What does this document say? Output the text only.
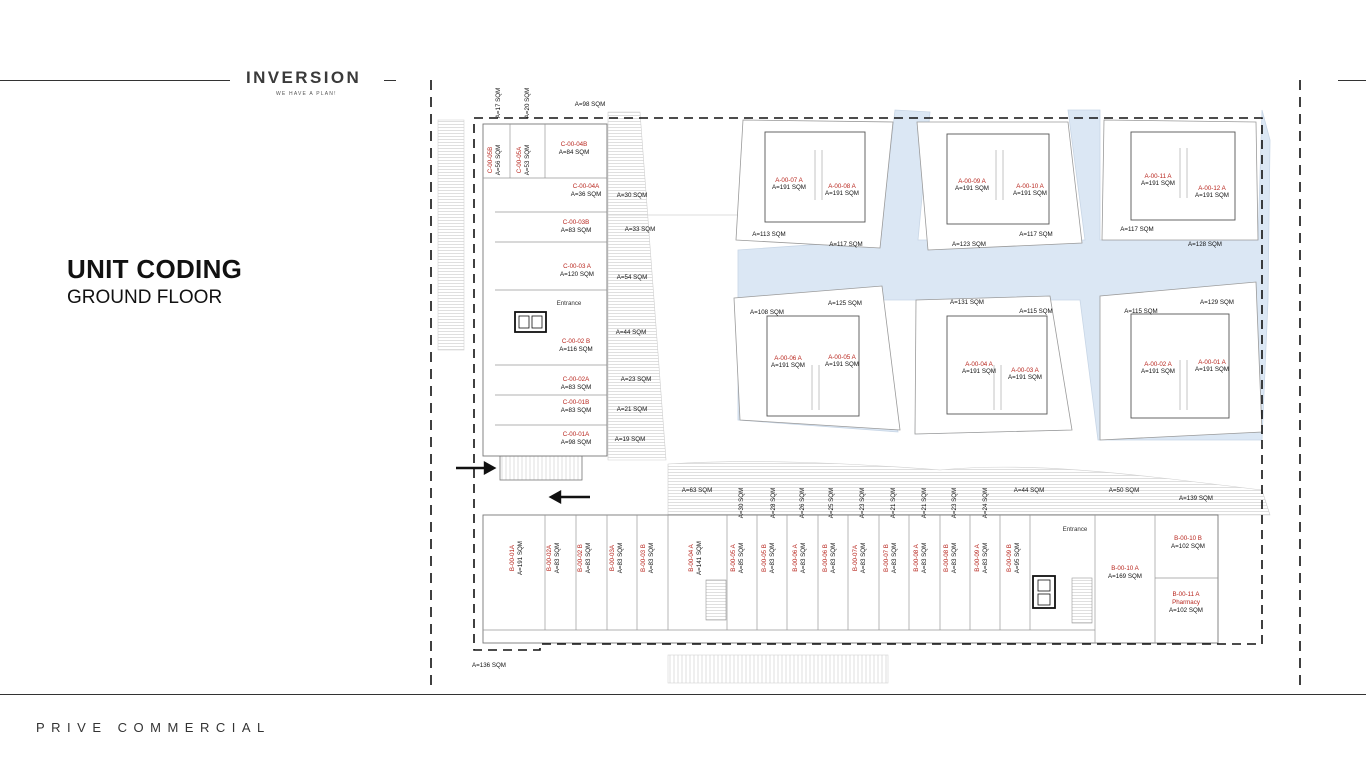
INVERSION
WE HAVE A PLAN!
UNIT CODING
GROUND FLOOR
PRIVE COMMERCIAL
C-00-04B
A=84 SQM
C-00-04A
A=36 SQM
C-00-03B
A=83 SQM
C-00-03 A
A=120 SQM
C-00-02 B
A=116 SQM
C-00-02A
A=83 SQM
C-00-01B
A=83 SQM
C-00-01A
A=98 SQM
C-00-05B A=56 SQM C-00-05A A=53 SQM
A-00-07 A
A=191 SQM	A-00-08 A
A=191 SQM
A-00-09 A
A=191 SQM	A-00-10 A
A=191 SQM
A-00-11 A
A=191 SQM
A-00-12 A
A=191 SQM
A-00-06 A
A=191 SQM
A-00-05 A
A=191 SQM	A-00-04 A
A=191 SQM A-00-03 A
A=191 SQM
A-00-02 A
A=191 SQM
A-00-01 A
A=191 SQM
B-00-01A A=191 SQM	B-00-02A A=83 SQM	B-00-02 B A=83 SQM	B-00-03A A=83 SQM	B-00-03 B A=83 SQM	B-00-04 A A=141 SQM	B-00-05 A A=85 SQM	B-00-05 B A=83 SQM	B-00-06 A A=83 SQM B-00-06 B A=83 SQM B-00-07A A=83 SQM	B-00-07 B A=83 SQM B-00-08 A A=83 SQM B-00-08 B A=83 SQM	B-00-09 A A=83 SQM	B-00-09 B A=95 SQM	B-00-10 A
A=169 SQM
B-00-10 B
A=102 SQM
B-00-11 A
Pharmacy
A=102 SQM
A=17 SQM	A=20 SQM
A=30 SQM	A=28 SQM	A=26 SQM	A=25 SQM	A=23 SQM	A=21 SQM	A=21 SQM	A=23 SQM	A=24 SQM
A=98 SQM
A=30 SQM
A=33 SQM
A=54 SQM
A=44 SQM
A=23 SQM
A=21 SQM
A=19 SQM
A=113 SQM
A=117 SQM	A=123 SQM
A=117 SQM
A=117 SQM
A=128 SQM
A=108 SQM
A=125 SQM	A=131 SQM
A=115 SQM	A=115 SQM
A=129 SQM
A=63 SQM	A=44 SQM	A=50 SQM
A=139 SQM
A=136 SQM
Entrance
Entrance
